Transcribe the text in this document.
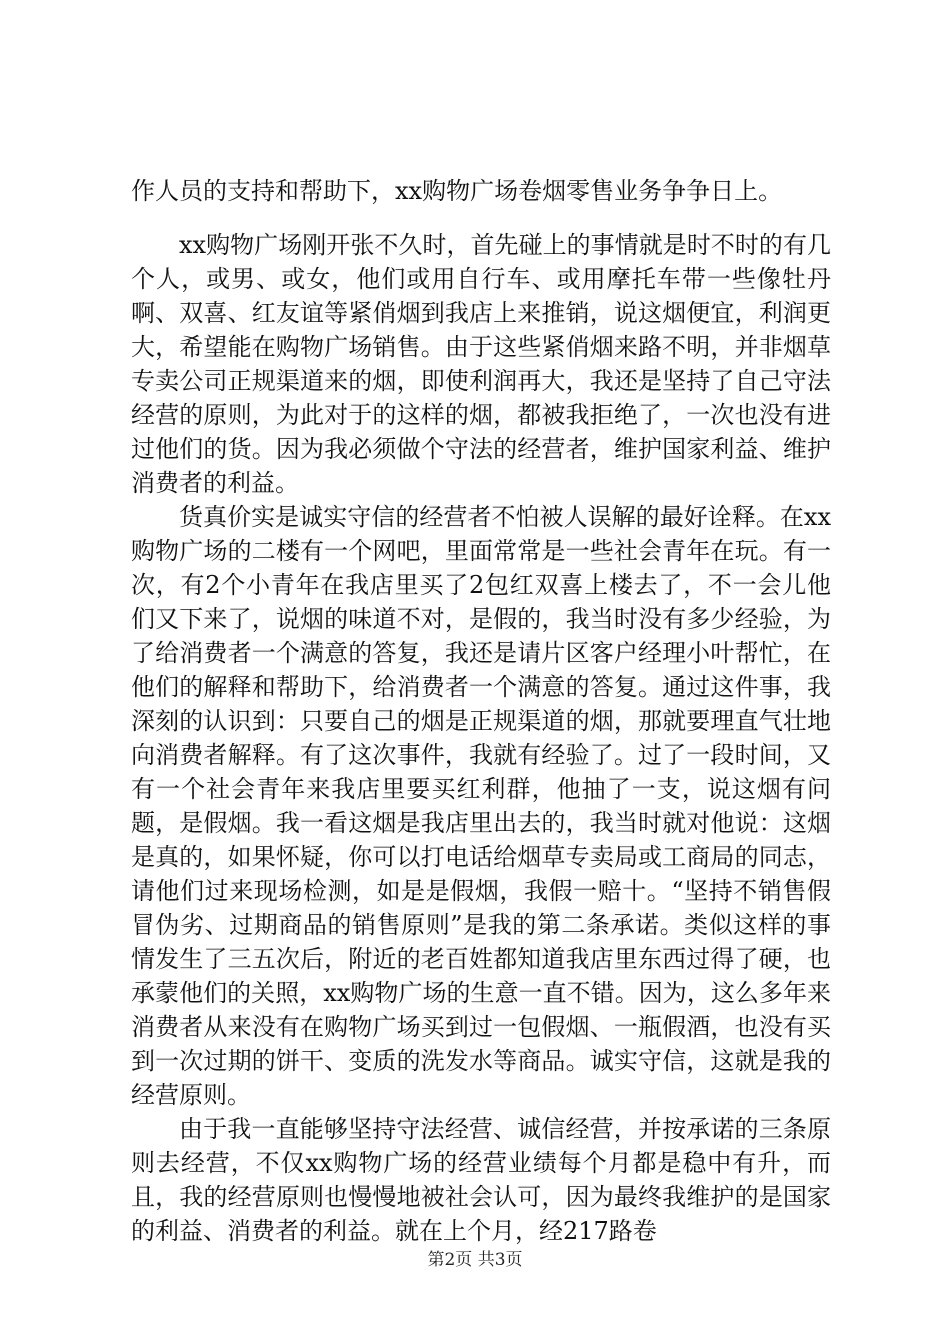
作人员的支持和帮助下，xx购物广场卷烟零售业务争争日上。

xx购物广场刚开张不久时，首先碰上的事情就是时不时的有几个人，或男、或女，他们或用自行车、或用摩托车带一些像牡丹啊、双喜、红友谊等紧俏烟到我店上来推销，说这烟便宜，利润更大，希望能在购物广场销售。由于这些紧俏烟来路不明，并非烟草专卖公司正规渠道来的烟，即使利润再大，我还是坚持了自己守法经营的原则，为此对于的这样的烟，都被我拒绝了，一次也没有进过他们的货。因为我必须做个守法的经营者，维护国家利益、维护消费者的利益。

货真价实是诚实守信的经营者不怕被人误解的最好诠释。在xx购物广场的二楼有一个网吧，里面常常是一些社会青年在玩。有一次，有2个小青年在我店里买了2包红双喜上楼去了，不一会儿他们又下来了，说烟的味道不对，是假的，我当时没有多少经验，为了给消费者一个满意的答复，我还是请片区客户经理小叶帮忙，在他们的解释和帮助下，给消费者一个满意的答复。通过这件事，我深刻的认识到：只要自己的烟是正规渠道的烟，那就要理直气壮地向消费者解释。有了这次事件，我就有经验了。过了一段时间，又有一个社会青年来我店里要买红利群，他抽了一支，说这烟有问题，是假烟。我一看这烟是我店里出去的，我当时就对他说：这烟是真的，如果怀疑，你可以打电话给烟草专卖局或工商局的同志，请他们过来现场检测，如是是假烟，我假一赔十。“坚持不销售假冒伪劣、过期商品的销售原则”是我的第二条承诺。类似这样的事情发生了三五次后，附近的老百姓都知道我店里东西过得了硬，也承蒙他们的关照，xx购物广场的生意一直不错。因为，这么多年来消费者从来没有在购物广场买到过一包假烟、一瓶假酒，也没有买到一次过期的饼干、变质的洗发水等商品。诚实守信，这就是我的经营原则。

由于我一直能够坚持守法经营、诚信经营，并按承诺的三条原则去经营，不仅xx购物广场的经营业绩每个月都是稳中有升，而且，我的经营原则也慢慢地被社会认可，因为最终我维护的是国家的利益、消费者的利益。就在上个月，经217路卷

第2页 共3页
